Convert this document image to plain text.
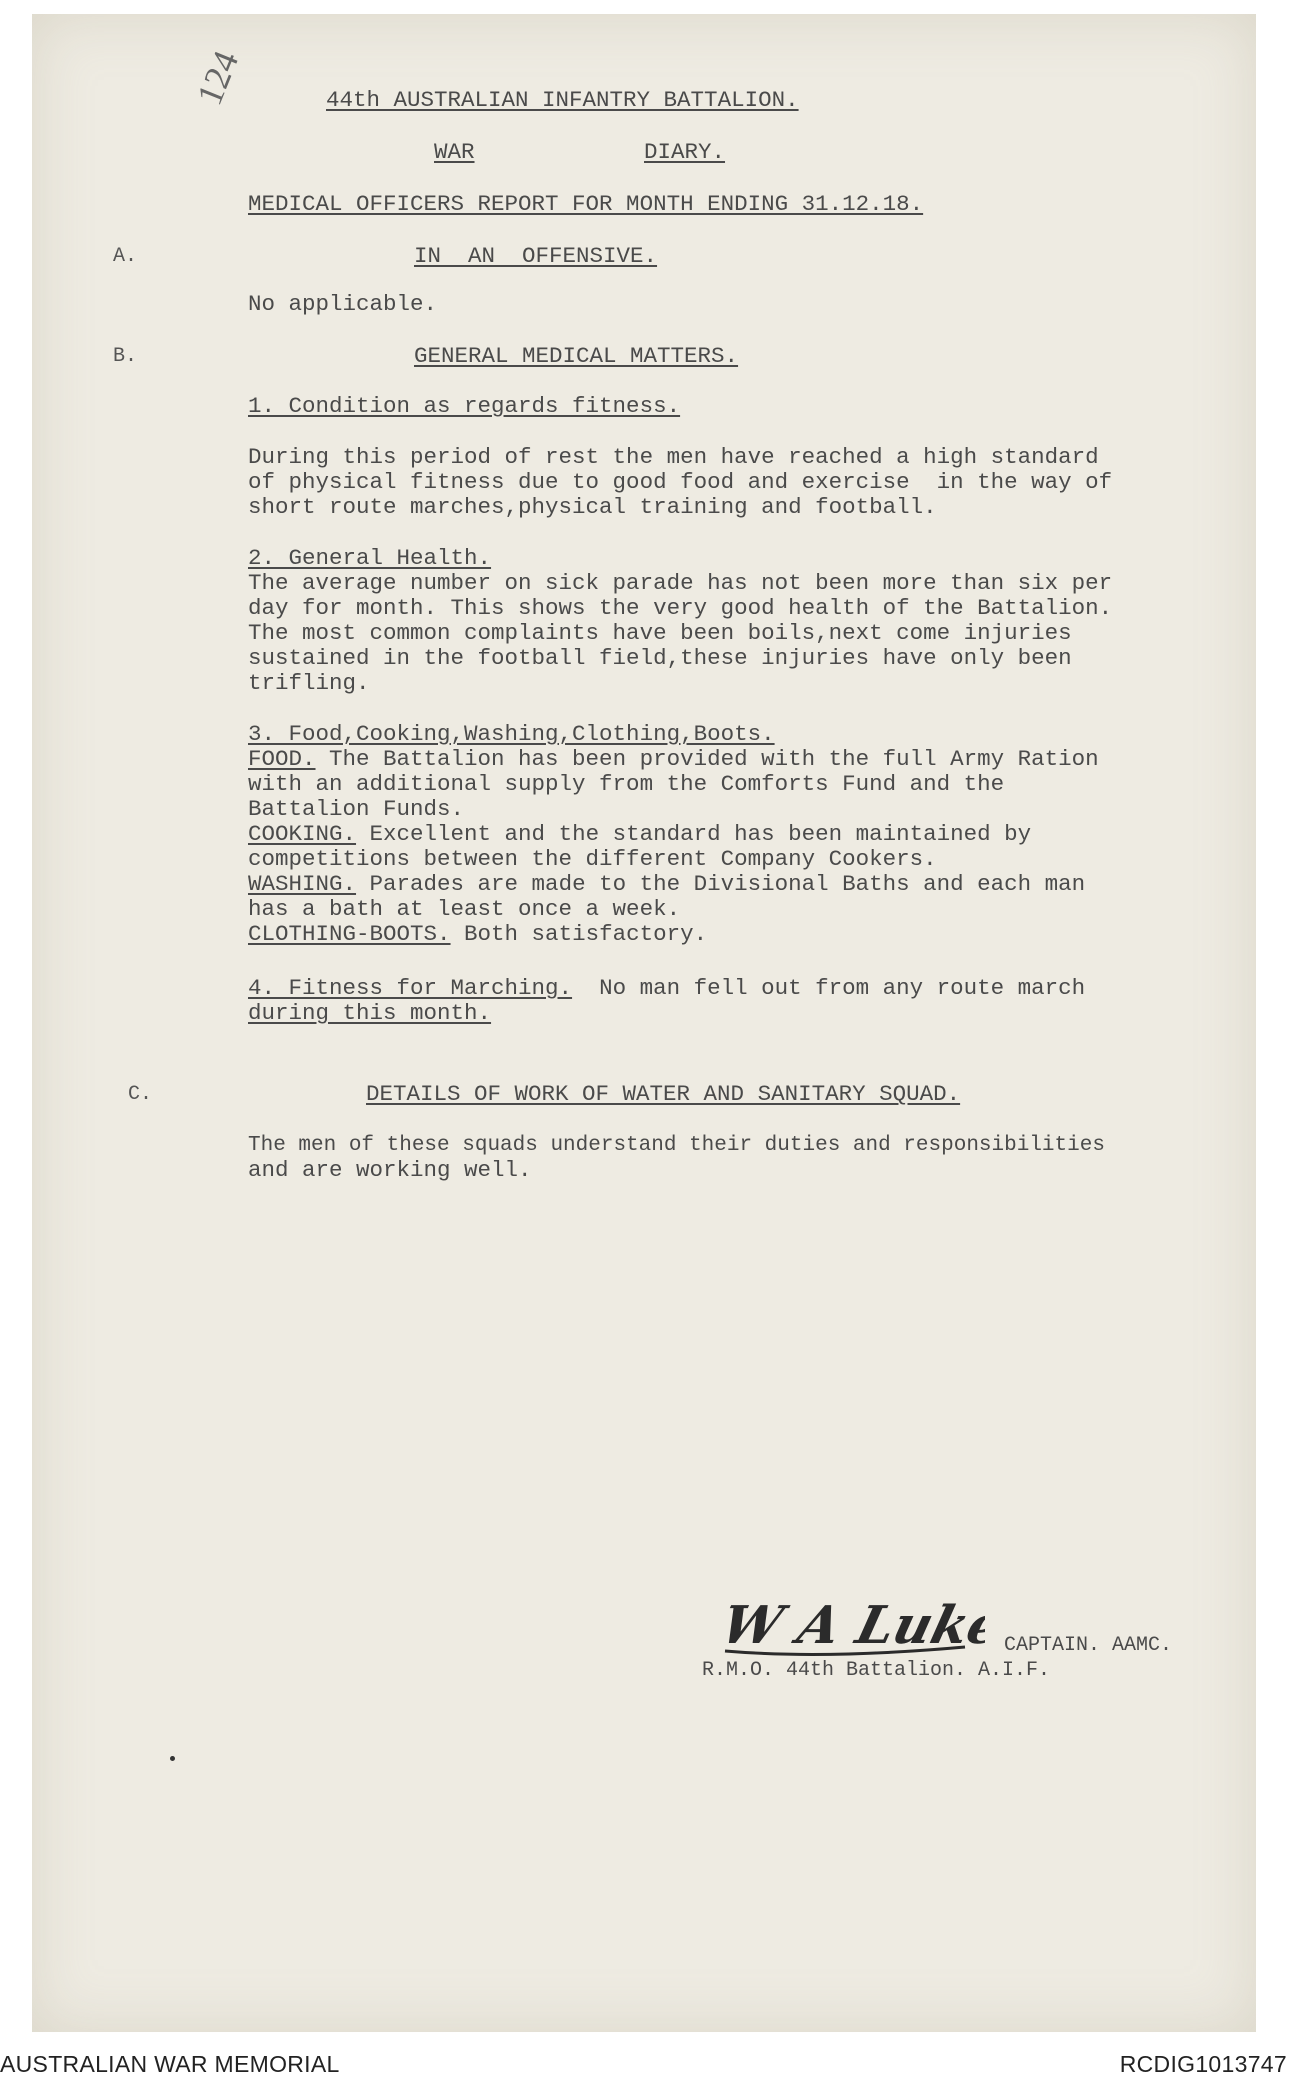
124	44th AUSTRALIAN INFANTRY BATTALION.

WAR	DIARY.

MEDICAL OFFICERS REPORT FOR MONTH ENDING 31.12.18.

A.	IN  AN  OFFENSIVE.

No applicable.

B.	GENERAL MEDICAL MATTERS.

1. Condition as regards fitness.

During this period of rest the men have reached a high standard

of physical fitness due to good food and exercise  in the way of

short route marches,physical training and football.

2. General Health.

The average number on sick parade has not been more than six per

day for month. This shows the very good health of the Battalion.

The most common complaints have been boils,next come injuries

sustained in the football field,these injuries have only been

trifling.

3. Food,Cooking,Washing,Clothing,Boots.

FOOD. The Battalion has been provided with the full Army Ration

with an additional supply from the Comforts Fund and the

Battalion Funds.

COOKING. Excellent and the standard has been maintained by

competitions between the different Company Cookers.

WASHING. Parades are made to the Divisional Baths and each man

has a bath at least once a week.

CLOTHING-BOOTS. Both satisfactory.

4. Fitness for Marching.  No man fell out from any route march

during this month.

C.	DETAILS OF WORK OF WATER AND SANITARY SQUAD.

The men of these squads understand their duties and responsibilities

and are working well.

W A Luke

CAPTAIN. AAMC.

R.M.O. 44th Battalion. A.I.F.

AUSTRALIAN WAR MEMORIAL	RCDIG1013747
